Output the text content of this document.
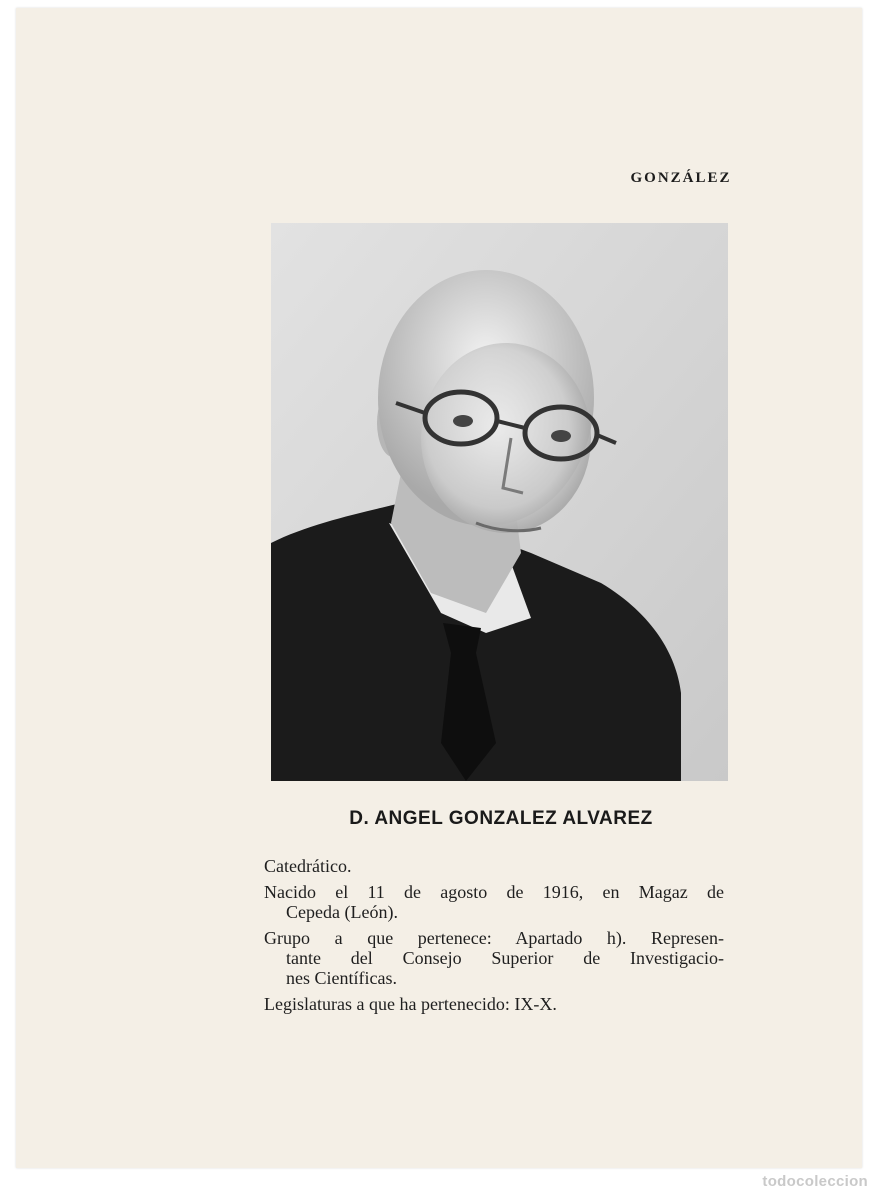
GONZÁLEZ
D. ANGEL GONZALEZ ALVAREZ

Catedrático.

Nacido el 11 de agosto de 1916, en Magaz de
Cepeda (León).

Grupo a que pertenece: Apartado h). Represen-
tante del Consejo Superior de Investigacio-
nes Científicas.

Legislaturas a que ha pertenecido: IX-X.

todocoleccion
